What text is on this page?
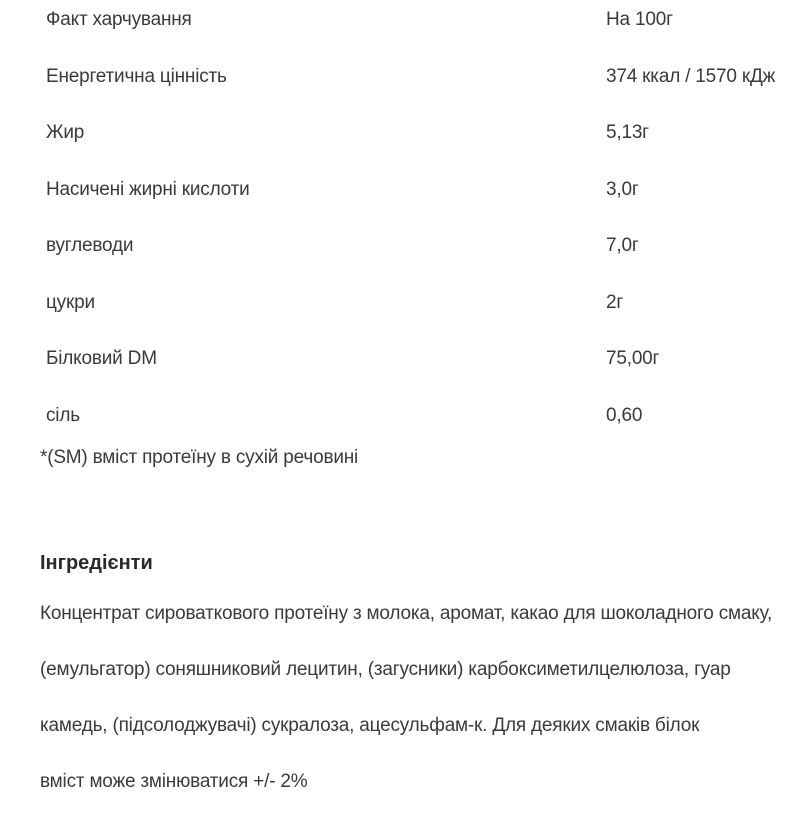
Факт харчування	На 100г
Енергетична цінність	374 ккал / 1570 кДж
Жир	5,13г
Насичені жирні кислоти	3,0г
вуглеводи	7,0г
цукри	2г
Білковий DM	75,00г
сіль	0,60
*(SM) вміст протеїну в сухій речовині
Інгредієнти
Концентрат сироваткового протеїну з молока, аромат, какао для шоколадного смаку,
(емульгатор) соняшниковий лецитин, (загусники) карбоксиметилцелюлоза, гуар
камедь, (підсолоджувачі) сукралоза, ацесульфам-к. Для деяких смаків білок
вміст може змінюватися +/- 2%
